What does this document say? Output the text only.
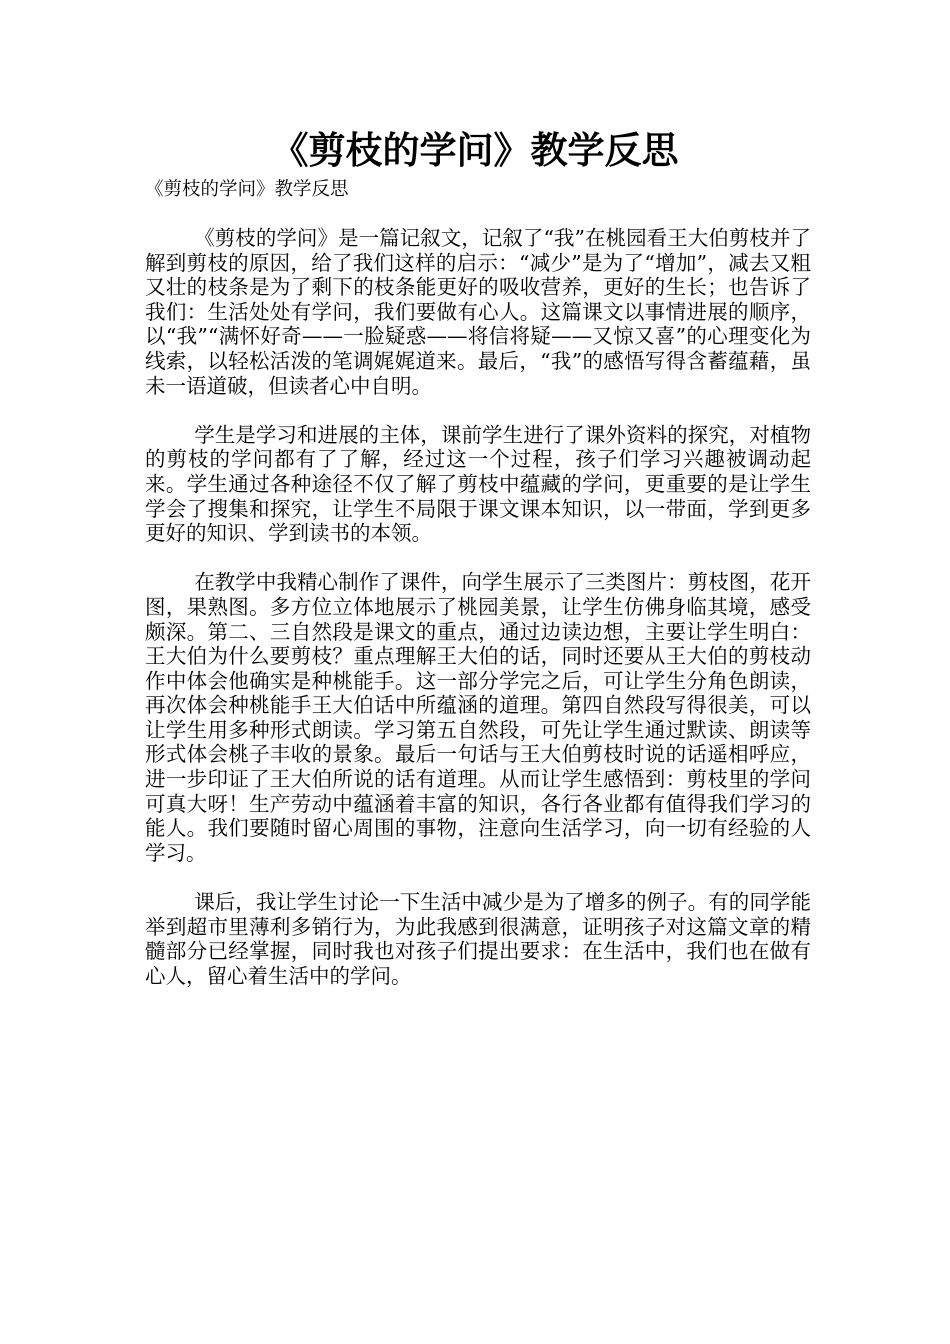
《剪枝的学问》教学反思
《剪枝的学问》教学反思

《剪枝的学问》是一篇记叙文，记叙了“我”在桃园看王大伯剪枝并了解到剪枝的原因，给了我们这样的启示：“减少”是为了“增加”，减去又粗又壮的枝条是为了剩下的枝条能更好的吸收营养，更好的生长；也告诉了我们：生活处处有学问，我们要做有心人。这篇课文以事情进展的顺序，以“我”“满怀好奇——一脸疑惑——将信将疑——又惊又喜”的心理变化为线索，以轻松活泼的笔调娓娓道来。最后，“我”的感悟写得含蓄蕴藉，虽未一语道破，但读者心中自明。

学生是学习和进展的主体，课前学生进行了课外资料的探究，对植物的剪枝的学问都有了了解，经过这一个过程，孩子们学习兴趣被调动起来。学生通过各种途径不仅了解了剪枝中蕴藏的学问，更重要的是让学生学会了搜集和探究，让学生不局限于课文课本知识，以一带面，学到更多更好的知识、学到读书的本领。

在教学中我精心制作了课件，向学生展示了三类图片：剪枝图，花开图，果熟图。多方位立体地展示了桃园美景，让学生仿佛身临其境，感受颇深。第二、三自然段是课文的重点，通过边读边想，主要让学生明白：王大伯为什么要剪枝？重点理解王大伯的话，同时还要从王大伯的剪枝动作中体会他确实是种桃能手。这一部分学完之后，可让学生分角色朗读，再次体会种桃能手王大伯话中所蕴涵的道理。第四自然段写得很美，可以让学生用多种形式朗读。学习第五自然段，可先让学生通过默读、朗读等形式体会桃子丰收的景象。最后一句话与王大伯剪枝时说的话遥相呼应，进一步印证了王大伯所说的话有道理。从而让学生感悟到：剪枝里的学问可真大呀！生产劳动中蕴涵着丰富的知识，各行各业都有值得我们学习的能人。我们要随时留心周围的事物，注意向生活学习，向一切有经验的人学习。

课后，我让学生讨论一下生活中减少是为了增多的例子。有的同学能举到超市里薄利多销行为，为此我感到很满意，证明孩子对这篇文章的精髓部分已经掌握，同时我也对孩子们提出要求：在生活中，我们也在做有心人，留心着生活中的学问。
